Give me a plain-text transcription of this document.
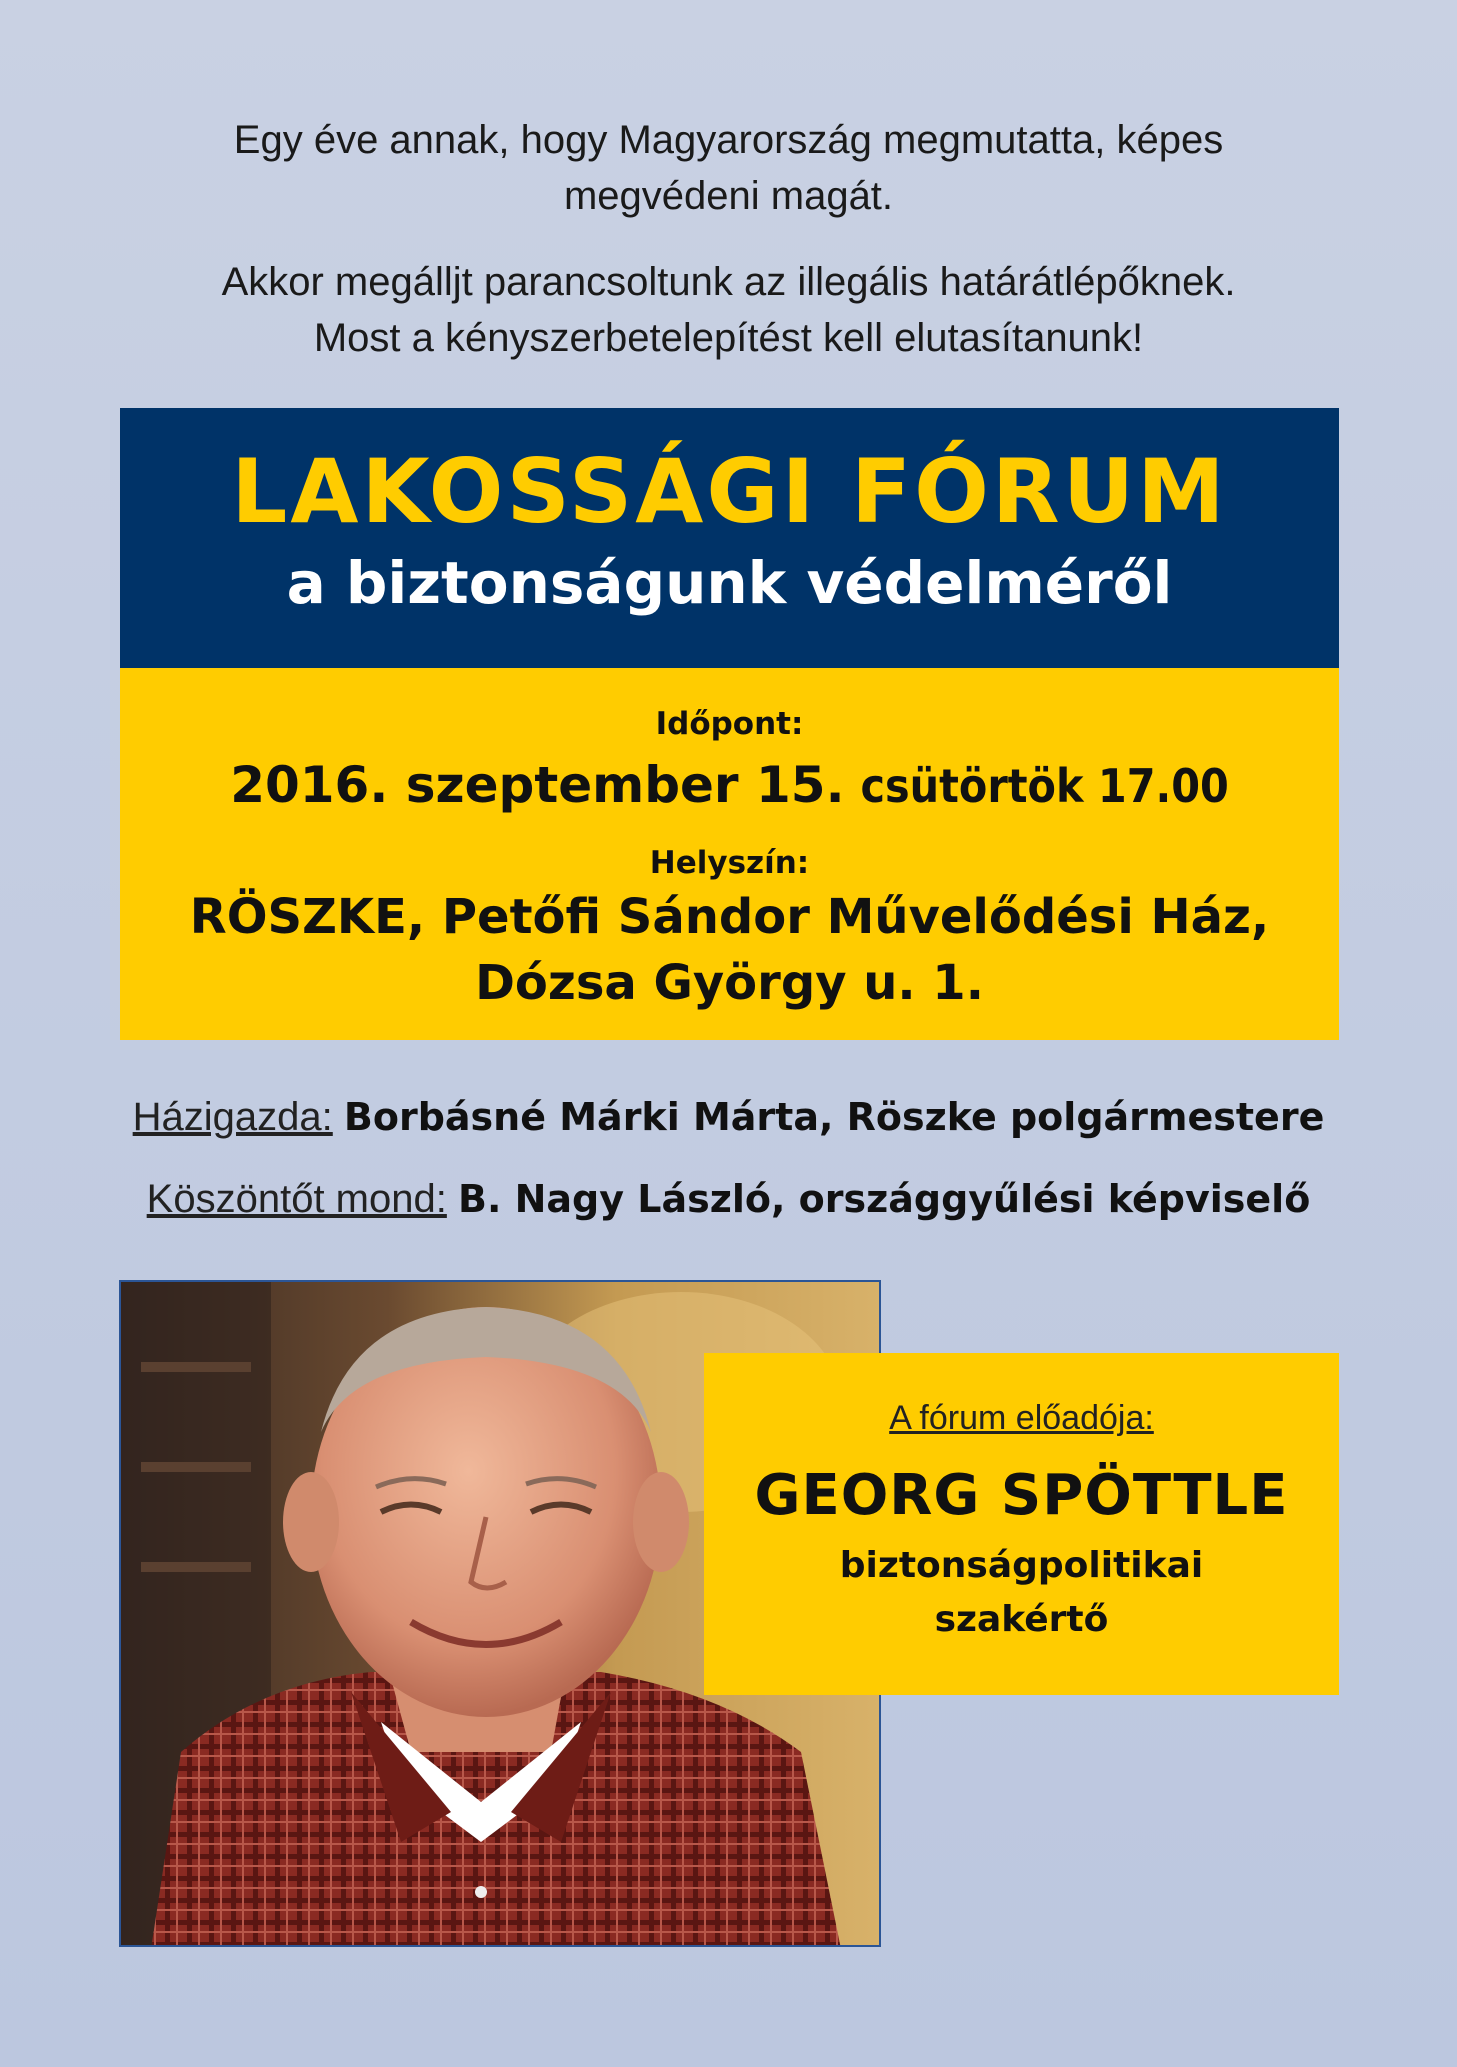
Egy éve annak, hogy Magyarország megmutatta, képes
megvédeni magát.

Akkor megálljt parancsoltunk az illegális határátlépőknek.
Most a kényszerbetelepítést kell elutasítanunk!

LAKOSSÁGI FÓRUM
a biztonságunk védelméről
Időpont:
2016. szeptember 15. csütörtök 17.00
Helyszín:
RÖSZKE, Petőfi Sándor Művelődési Ház,
Dózsa György u. 1.
Házigazda: Borbásné Márki Márta, Röszke polgármestere
Köszöntőt mond: B. Nagy László, országgyűlési képviselő
A fórum előadója:
GEORG SPÖTTLE
biztonságpolitikai
szakértő
